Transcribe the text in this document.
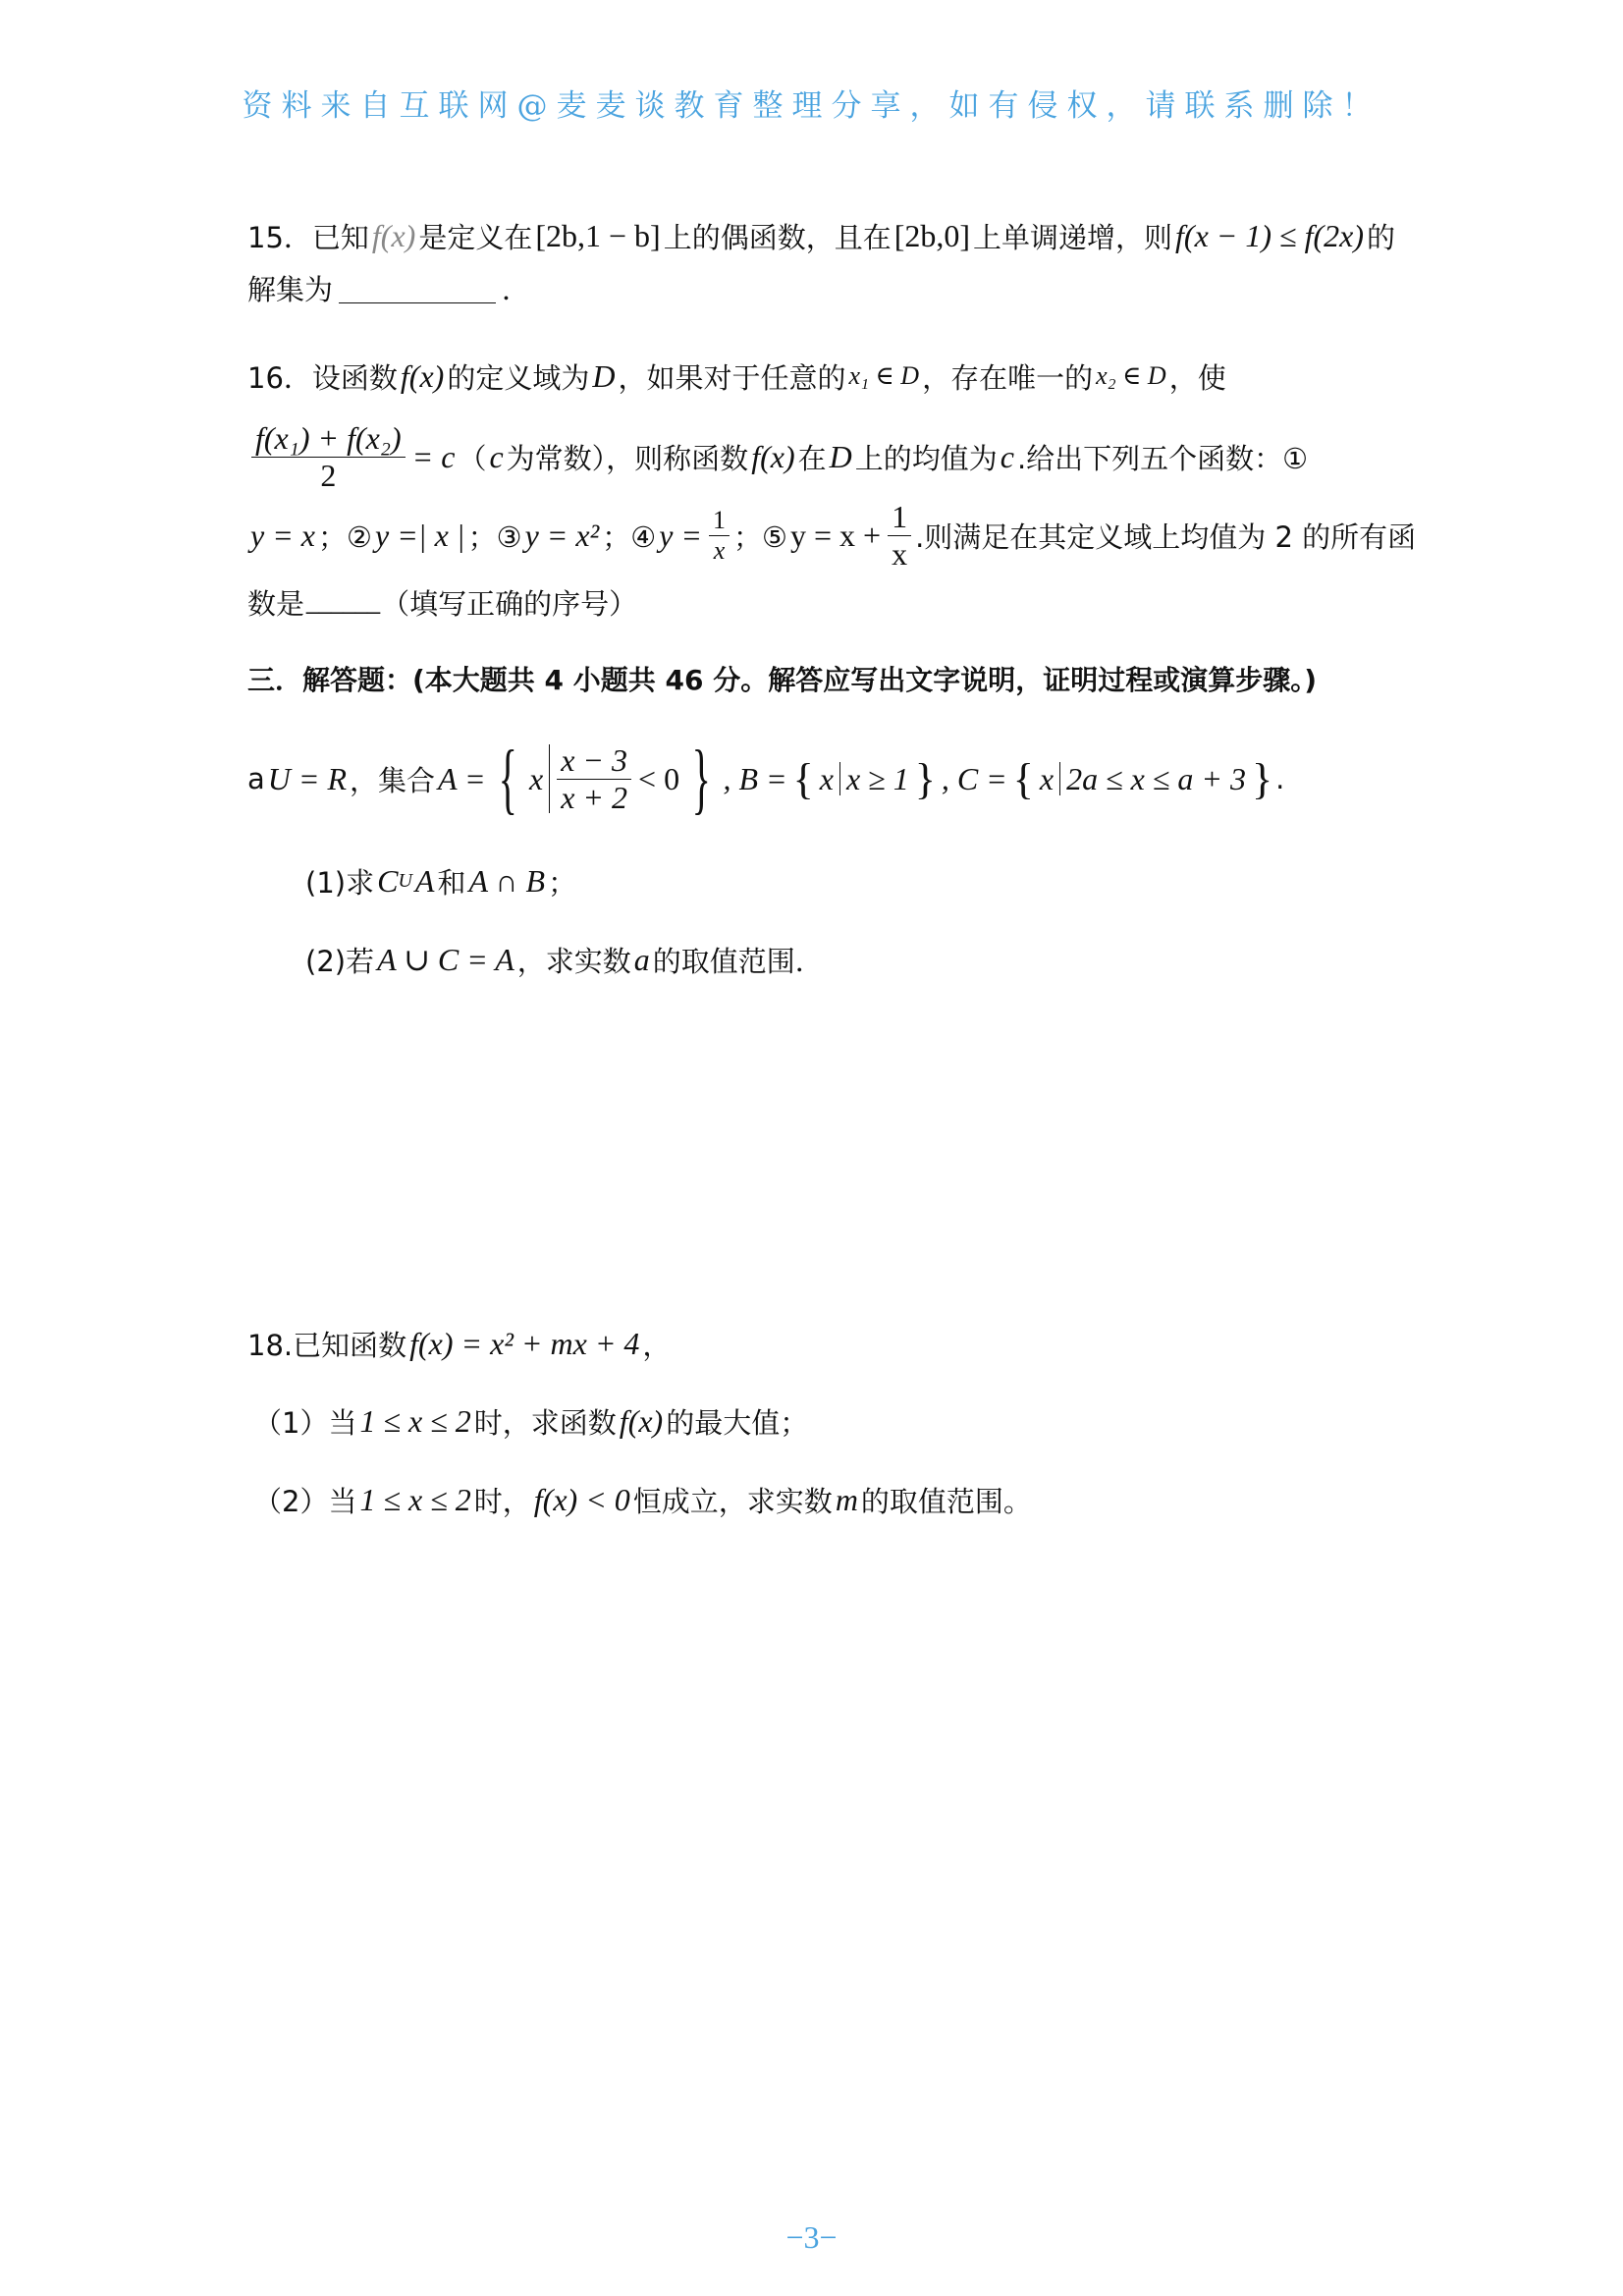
资料来自互联网@麦麦谈教育整理分享，如有侵权，请联系删除！
15．已知 f(x) 是定义在 [2b,1 − b] 上的偶函数，且在 [2b,0] 上单调递增，则 f(x − 1) ≤ f(2x) 的
解集为	．
16．设函数 f(x) 的定义域为 D ，如果对于任意的 x₁ ∈ D ，存在唯一的 x₂ ∈ D ，使
$\frac{\text{f(x₁) + f(x₂)}}{2} = c$ （ c 为常数），则称函数 f(x) 在 D 上的均值为 c .给出下列五个函数：①
y = x ；② y =| x | ；③ y = x² ；④ $y = \frac{1}{x}$ ；⑤ $y = x + \frac{1}{x}$ .则满足在其定义域上均值为 2 的所有函
数是 ______ （填写正确的序号）
三．解答题：(本大题共 4 小题共 46 分。解答应写出文字说明，证明过程或演算步骤。)
a U = R ，集合 A = { x $\frac{x - 3}{x + 2} < 0$ } , B = { x x ≥ 1 } , C = { x 2a ≤ x ≤ a + 3 } .
(1)求 C U A 和 A ∩ B ；
(2)若 A ∪ C = A ，求实数 a 的取值范围．
18.已知函数 f(x) = x² + mx + 4 ，
（1）当 1 ≤ x ≤ 2 时，求函数 f(x) 的最大值；
（2）当 1 ≤ x ≤ 2 时， f(x) < 0 恒成立，求实数 m 的取值范围。
−3−
